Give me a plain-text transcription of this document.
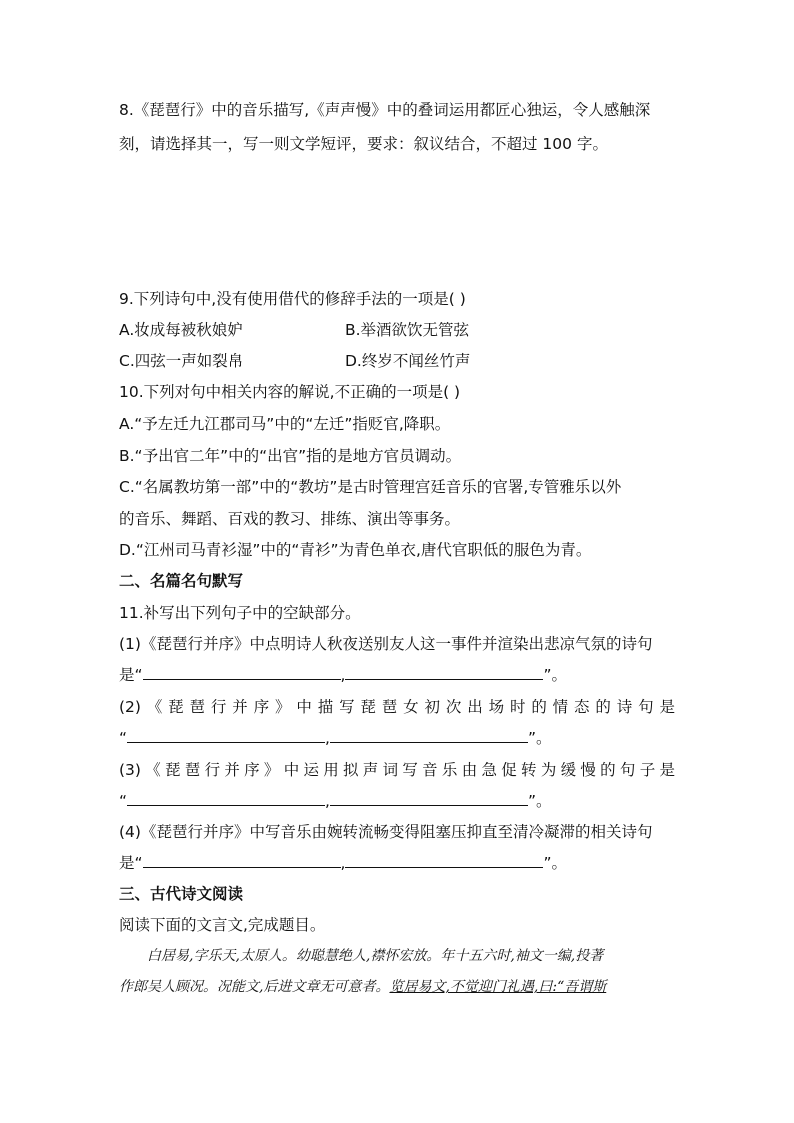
8.《琵琶行》中的音乐描写,《声声慢》中的叠词运用都匠心独运，令人感触深
刻，请选择其一，写一则文学短评，要求：叙议结合，不超过 100 字。
9.下列诗句中,没有使用借代的修辞手法的一项是( )
A.妆成每被秋娘妒	B.举酒欲饮无管弦
C.四弦一声如裂帛	D.终岁不闻丝竹声
10.下列对句中相关内容的解说,不正确的一项是( )
A.“予左迁九江郡司马”中的“左迁”指贬官,降职。
B.“予出官二年”中的“出官”指的是地方官员调动。
C.“名属教坊第一部”中的“教坊”是古时管理宫廷音乐的官署,专管雅乐以外
的音乐、舞蹈、百戏的教习、排练、演出等事务。
D.“江州司马青衫湿”中的“青衫”为青色单衣,唐代官职低的服色为青。
二、名篇名句默写
11.补写出下列句子中的空缺部分。
(1)《琵琶行并序》中点明诗人秋夜送别友人这一事件并渲染出悲凉气氛的诗句
是“	,	”。
(2)《琵琶行并序》中描写琵琶女初次出场时的情态的诗句是
“	,	”。
(3)《琵琶行并序》中运用拟声词写音乐由急促转为缓慢的句子是
“	,	”。
(4)《琵琶行并序》中写音乐由婉转流畅变得阻塞压抑直至清冷凝滞的相关诗句
是“	,	”。
三、古代诗文阅读
阅读下面的文言文,完成题目。
白居易,字乐天,太原人。幼聪慧绝人,襟怀宏放。年十五六时,袖文一编,投著
作郎吴人顾况。况能文,后进文章无可意者。览居易文,不觉迎门礼遇,曰:“吾谓斯
